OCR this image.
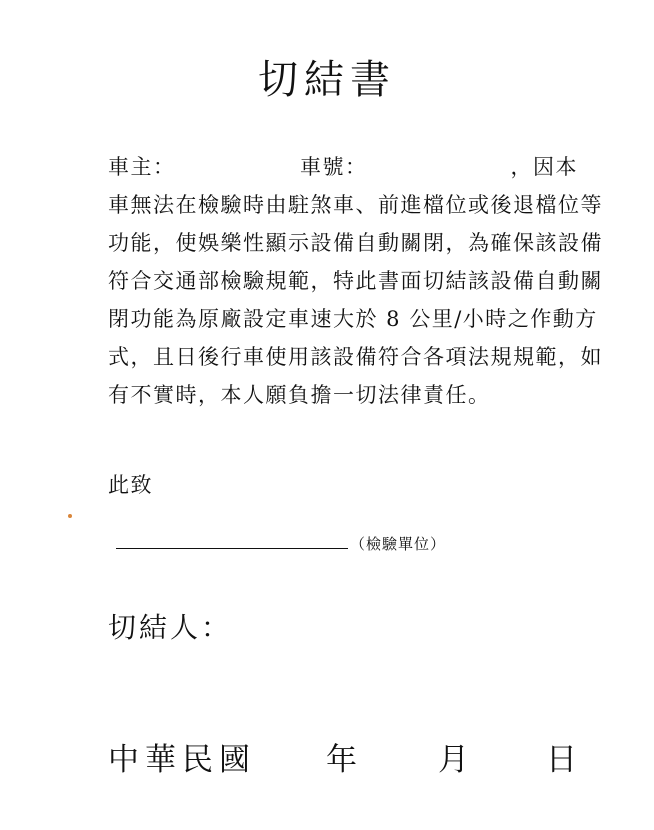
切結書
車主：	車號：	，因本
車無法在檢驗時由駐煞車、前進檔位或後退檔位等
功能，使娛樂性顯示設備自動關閉，為確保該設備
符合交通部檢驗規範，特此書面切結該設備自動關
閉功能為原廠設定車速大於 8 公里/小時之作動方
式，且日後行車使用該設備符合各項法規規範，如
有不實時，本人願負擔一切法律責任。
此致
（檢驗單位）
切結人：
中華民國 年	月 日
